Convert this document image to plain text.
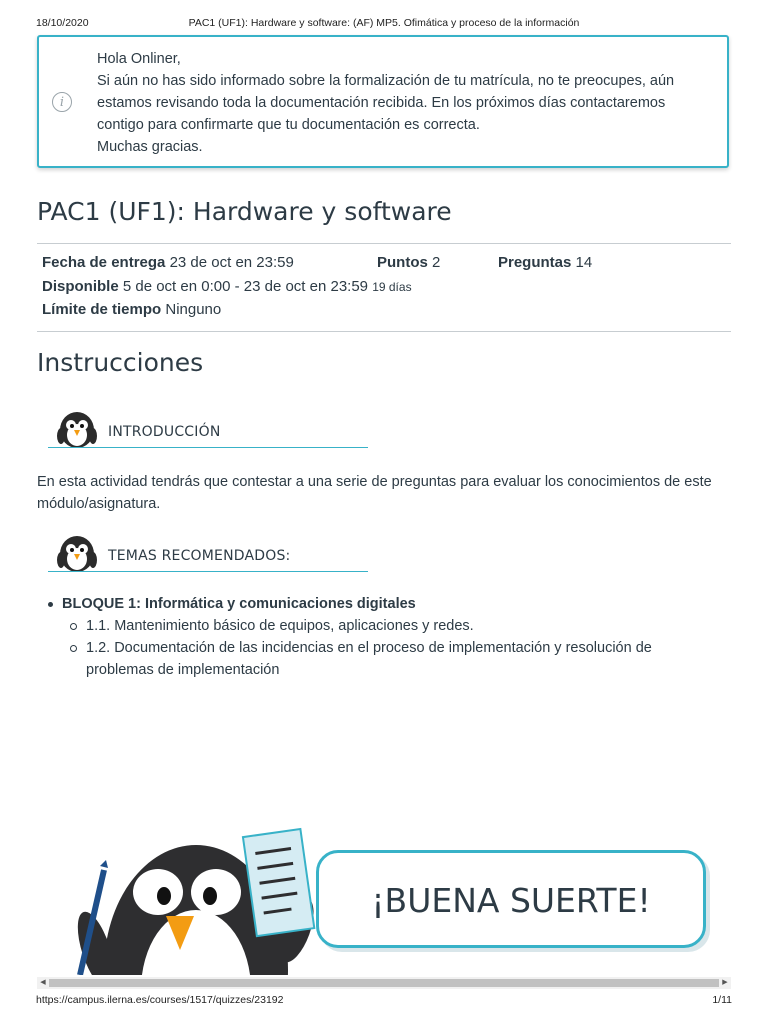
18/10/2020	PAC1 (UF1): Hardware y software: (AF) MP5. Ofimática y proceso de la información
i
Hola Onliner,
Si aún no has sido informado sobre la formalización de tu matrícula, no te preocupes, aún
estamos revisando toda la documentación recibida. En los próximos días contactaremos
contigo para confirmarte que tu documentación es correcta.
Muchas gracias.
PAC1 (UF1): Hardware y software
Fecha de entrega 23 de oct en 23:59	Puntos 2	Preguntas 14
Disponible 5 de oct en 0:00 - 23 de oct en 23:59 19 días
Límite de tiempo Ninguno
Instrucciones
INTRODUCCIÓN
En esta actividad tendrás que contestar a una serie de preguntas para evaluar los conocimientos de este módulo/asignatura.
TEMAS RECOMENDADOS:
BLOQUE 1: Informática y comunicaciones digitales
1.1. Mantenimiento básico de equipos, aplicaciones y redes.
1.2. Documentación de las incidencias en el proceso de implementación y resolución de
problemas de implementación
¡BUENA SUERTE!
◀	▶
https://campus.ilerna.es/courses/1517/quizzes/23192	1/11
